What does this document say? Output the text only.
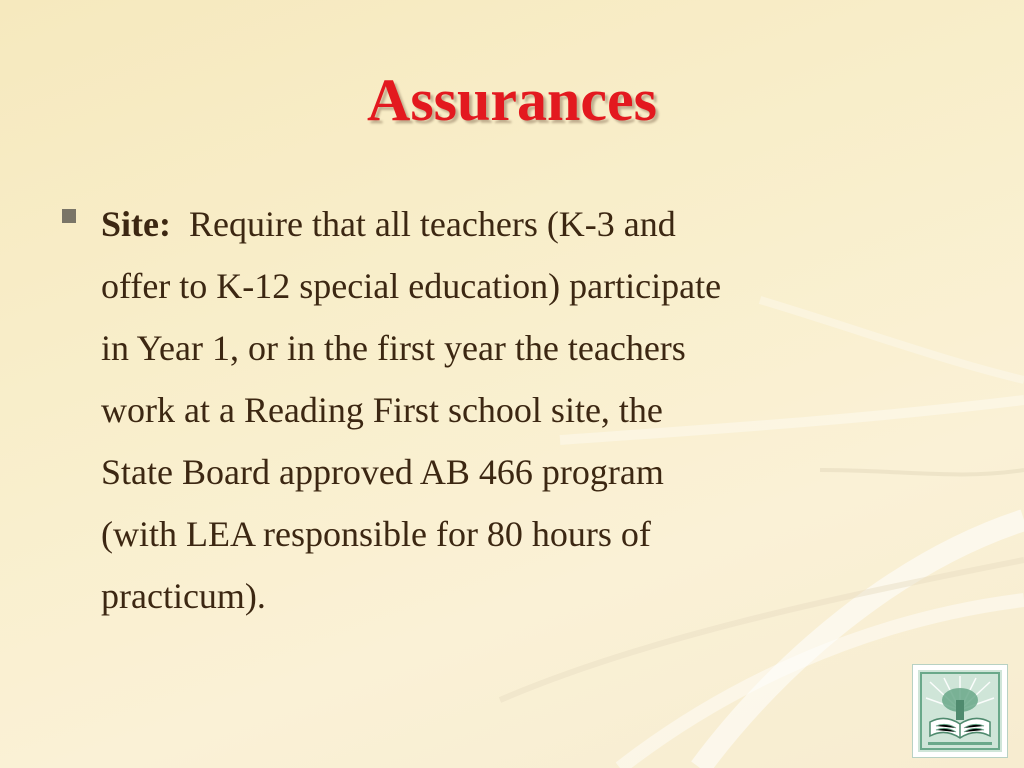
Assurances
Site: Require that all teachers (K-3 and
offer to K-12 special education) participate
in Year 1, or in the first year the teachers
work at a Reading First school site, the
State Board approved AB 466 program
(with LEA responsible for 80 hours of
practicum).
